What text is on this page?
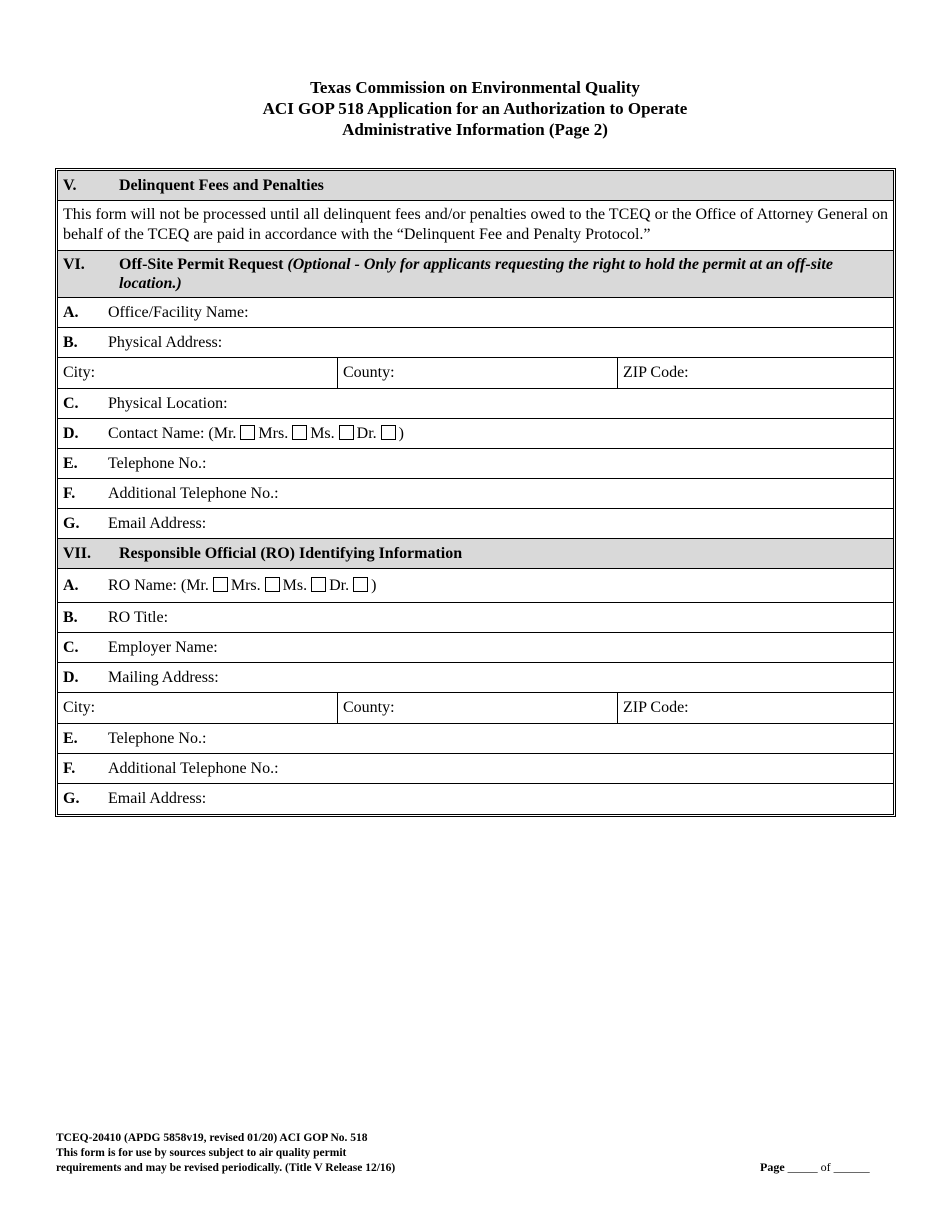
Texas Commission on Environmental Quality
ACI GOP 518 Application for an Authorization to Operate
Administrative Information (Page 2)
V.	Delinquent Fees and Penalties
This form will not be processed until all delinquent fees and/or penalties owed to the TCEQ or the Office of Attorney General on behalf of the TCEQ are paid in accordance with the “Delinquent Fee and Penalty Protocol.”
VI.	Off-Site Permit Request (Optional - Only for applicants requesting the right to hold the permit at an off-site location.)
A.	Office/Facility Name:
B.	Physical Address:
City:	County:	ZIP Code:
C.	Physical Location:
D.	Contact Name: (Mr. Mrs. Ms. Dr. )
E.	Telephone No.:
F.	Additional Telephone No.:
G.	Email Address:
VII.	Responsible Official (RO) Identifying Information
A.	RO Name: (Mr. Mrs. Ms. Dr. )
B.	RO Title:
C.	Employer Name:
D.	Mailing Address:
City:	County:	ZIP Code:
E.	Telephone No.:
F.	Additional Telephone No.:
G.	Email Address:
TCEQ-20410 (APDG 5858v19, revised 01/20) ACI GOP No. 518
This form is for use by sources subject to air quality permit
requirements and may be revised periodically. (Title V Release 12/16)	Page _____ of ______
